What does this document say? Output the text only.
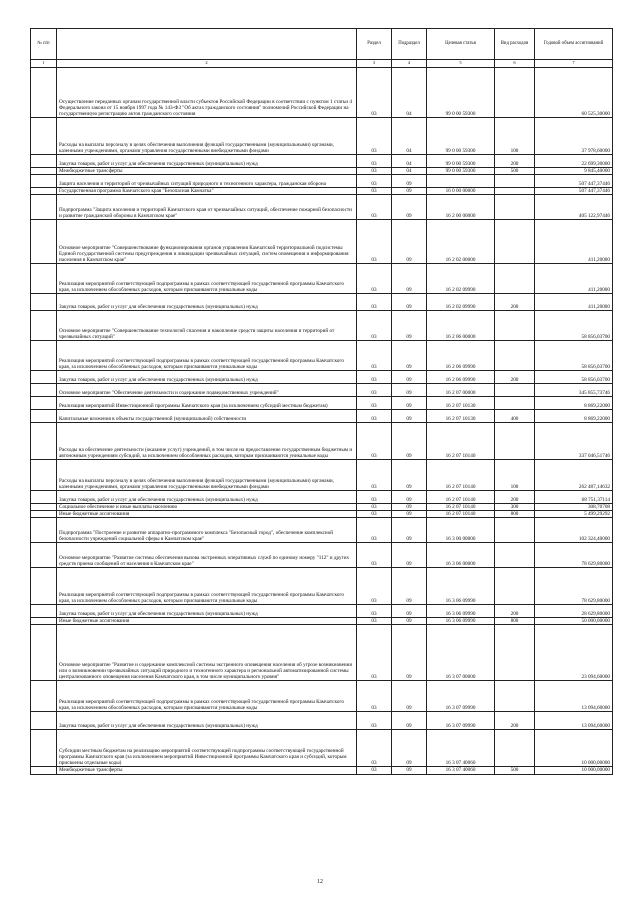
№ п/п		Раздел	Подраздел	Целевая статья	Вид расходов	Годовой объем ассигнований
1	2	3	4	5	6	7
	Осуществление переданных органам государственной власти субъектов Российской Федерации в соответствии с пунктом 1 статьи 4 Федерального закона от 15 ноября 1997 года № 143-ФЗ "Об актах гражданского состояния" полномочий Российской Федерации на государственную регистрацию актов гражданского состояния	03	04	99 0 00 59300		60 525,30000
	Расходы на выплаты персоналу в целях обеспечения выполнения функций государственными (муниципальными) органами, казенными учреждениями, органами управления государственными внебюджетными фондами	03	04	99 0 00 59300	100	37 978,60000
	Закупка товаров, работ и услуг для обеспечения государственных (муниципальных) нужд	03	04	99 0 00 59300	200	22 699,30000
	Межбюджетные трансферты	03	04	99 0 00 59300	500	9 845,40000
	Защита населения и территорий от чрезвычайных ситуаций природного и техногенного характера, гражданская оборона	03	09			507 447,37446
	Государственная программа Камчатского края "Безопасная Камчатка"	03	09	16 0 00 00000		507 447,37446
	Подпрограмма "Защита населения и территорий Камчатского края от чрезвычайных ситуаций, обеспечение пожарной безопасности и развитие гражданской обороны в Камчатском крае"	03	09	16 2 00 00000		405 122,97446
	Основное мероприятие "Совершенствование функционирования органов управления Камчатской территориальной подсистемы Единой государственной системы предупреждения и ликвидации чрезвычайных ситуаций, систем оповещения и информирования населения в Камчатском крае"	03	09	16 2 02 00000		411,20000
	Реализация мероприятий соответствующей подпрограммы в рамках соответствующей государственной программы Камчатского края, за исключением обособленных расходов, которым присваиваются уникальные коды	03	09	16 2 02 09990		411,20000
	Закупка товаров, работ и услуг для обеспечения государственных (муниципальных) нужд	03	09	16 2 02 09990	200	411,20000
	Основное мероприятие "Совершенствование технологий спасения и накопление средств защиты населения и территорий от чрезвычайных ситуаций"	03	09	16 2 06 00000		58 856,03700
	Реализация мероприятий соответствующей подпрограммы в рамках соответствующей государственной программы Камчатского края, за исключением обособленных расходов, которым присваиваются уникальные коды	03	09	16 2 06 09990		58 856,03700
	Закупка товаров, работ и услуг для обеспечения государственных (муниципальных) нужд	03	09	16 2 06 09990	200	58 856,03700
	Основное мероприятие "Обеспечение деятельности и содержание подведомственных учреждений"	03	09	16 2 07 00000		345 855,73746
	Реализация мероприятий Инвестиционной программы Камчатского края (за исключением субсидий местным бюджетам)	03	09	16 2 07 10130		8 869,22000
	Капитальные вложения в объекты государственной (муниципальной) собственности	03	09	16 2 07 10130	400	8 869,22000
	Расходы на обеспечение деятельности (оказание услуг) учреждений, в том числе на предоставление государственным бюджетным и автономным учреждениям субсидий, за исключением обособленных расходов, которым присваиваются уникальные коды	03	09	16 2 07 10140		337 046,51746
	Расходы на выплаты персоналу в целях обеспечения выполнения функций государственными (муниципальными) органами, казенными учреждениями, органами управления государственными внебюджетными фондами	03	09	16 2 07 10140	100	262 487,14632
	Закупка товаров, работ и услуг для обеспечения государственных (муниципальных) нужд	03	09	16 2 07 10140	200	68 751,37114
	Социальное обеспечение и иные выплаты населению	03	09	16 2 07 10140	300	308,70708
	Иные бюджетные ассигнования	03	09	16 2 07 10140	800	5 499,29292
	Подпрограмма "Построение и развитие аппаратно-программного комплекса "Безопасный город", обеспечение комплексной безопасности учреждений социальной сферы в Камчатском крае"	03	09	16 3 00 00000		102 324,40000
	Основное мероприятие "Развитие системы обеспечения вызова экстренных оперативных служб по единому номеру "112" и других средств приема сообщений от населения в Камчатском крае"	03	09	16 3 06 00000		78 629,80000
	Реализация мероприятий соответствующей подпрограммы в рамках соответствующей государственной программы Камчатского края, за исключением обособленных расходов, которым присваиваются уникальные коды	03	09	16 3 06 09990		78 629,80000
	Закупка товаров, работ и услуг для обеспечения государственных (муниципальных) нужд	03	09	16 3 06 09990	200	28 629,80000
	Иные бюджетные ассигнования	03	09	16 3 06 09990	800	50 000,00000
	Основное мероприятие "Развитие и содержание комплексной системы экстренного оповещения населения об угрозе возникновения или о возникновении чрезвычайных ситуаций природного и техногенного характера и региональной автоматизированной системы централизованного оповещения населения Камчатского края, в том числе муниципального уровня"	03	09	16 3 07 00000		23 094,60000
	Реализация мероприятий соответствующей подпрограммы в рамках соответствующей государственной программы Камчатского края, за исключением обособленных расходов, которым присваиваются уникальные коды	03	09	16 3 07 09990		13 094,60000
	Закупка товаров, работ и услуг для обеспечения государственных (муниципальных) нужд	03	09	16 3 07 09990	200	13 094,60000
	Субсидии местным бюджетам на реализацию мероприятий соответствующей подпрограммы соответствующей государственной программы Камчатского края (за исключением мероприятий Инвестиционной программы Камчатского края и субсидий, которым присвоены отдельные коды)	03	09	16 3 07 40060		10 000,00000
	Межбюджетные трансферты	03	09	16 3 07 40060	500	10 000,00000
12
